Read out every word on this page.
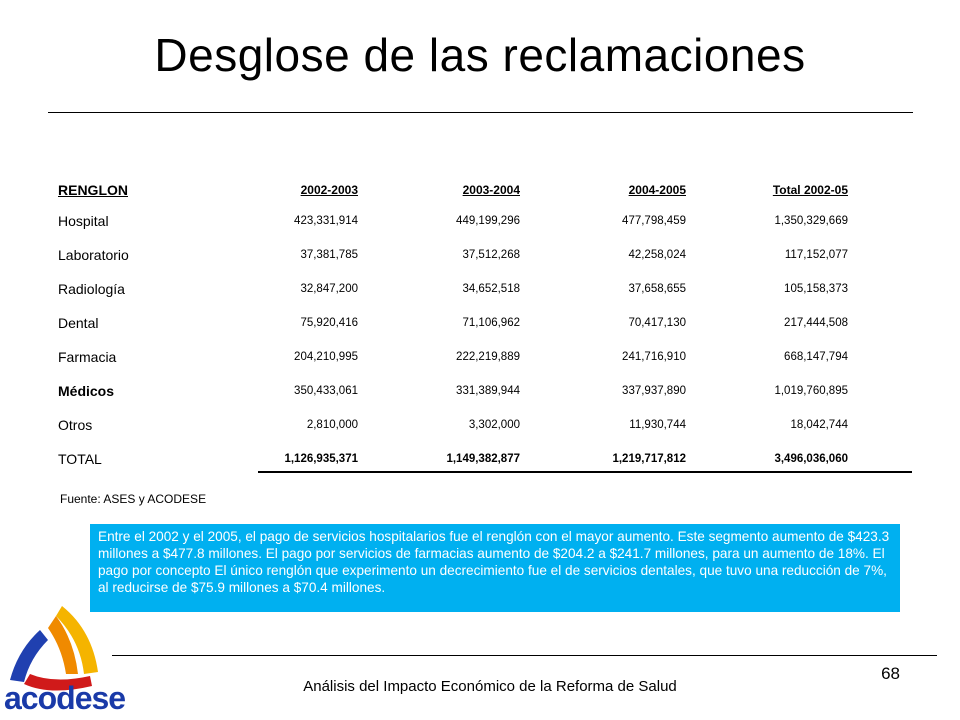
Desglose de las reclamaciones
RENGLON	2002-2003	2003-2004	2004-2005	Total 2002-05
Hospital	423,331,914	449,199,296	477,798,459	1,350,329,669
Laboratorio	37,381,785	37,512,268	42,258,024	117,152,077
Radiología	32,847,200	34,652,518	37,658,655	105,158,373
Dental	75,920,416	71,106,962	70,417,130	217,444,508
Farmacia	204,210,995	222,219,889	241,716,910	668,147,794
Médicos	350,433,061	331,389,944	337,937,890	1,019,760,895
Otros	2,810,000	3,302,000	11,930,744	18,042,744
TOTAL	1,126,935,371	1,149,382,877	1,219,717,812	3,496,036,060
Fuente: ASES y ACODESE
Entre el 2002 y el 2005, el pago de servicios hospitalarios fue el renglón con el mayor aumento. Este segmento aumento de $423.3 millones a $477.8 millones. El pago por servicios de farmacias aumento de $204.2 a $241.7 millones, para un aumento de 18%. El pago por concepto El único renglón que experimento un decrecimiento fue el de servicios dentales, que tuvo una reducción de 7%, al reducirse de $75.9 millones a $70.4 millones.
acodese
68
Análisis del Impacto Económico de la Reforma de Salud
